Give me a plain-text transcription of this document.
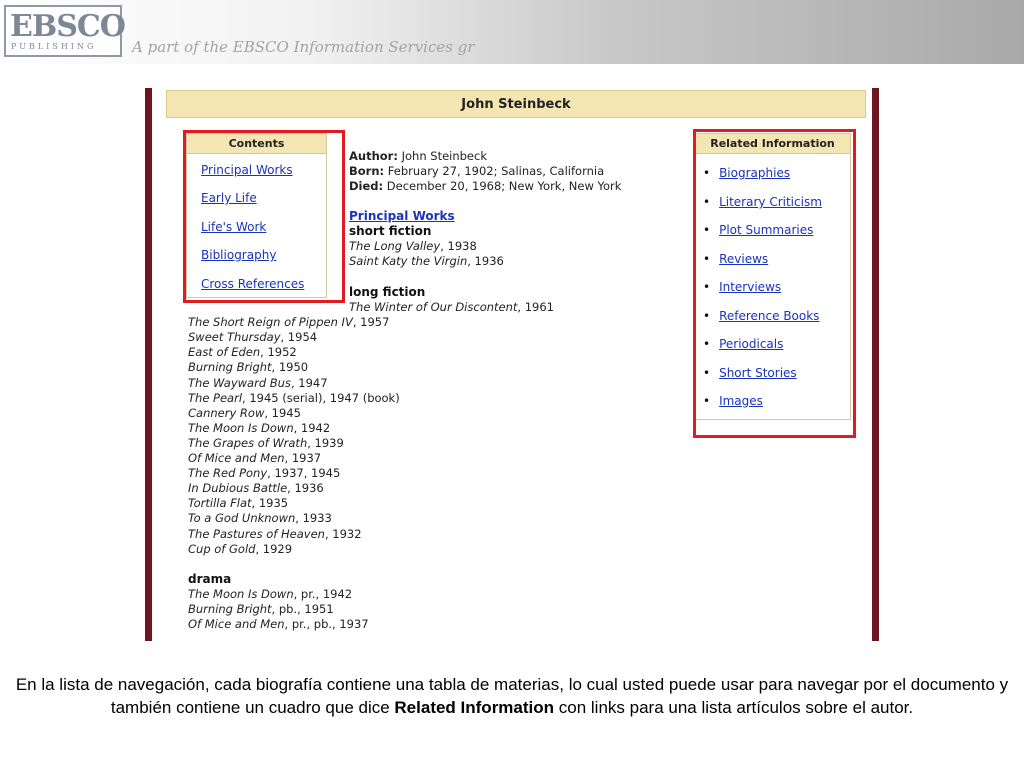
EBSCO
PUBLISHING A part of the EBSCO Information Services gr
John Steinbeck
Contents
Principal Works
Early Life
Life's Work
Bibliography
Cross References
Related Information
• Biographies
• Literary Criticism
• Plot Summaries
• Reviews
• Interviews
• Reference Books
• Periodicals
• Short Stories
• Images
Author: John Steinbeck
Born: February 27, 1902; Salinas, California
Died: December 20, 1968; New York, New York
Principal Works
short fiction
The Long Valley, 1938
Saint Katy the Virgin, 1936
long fiction
The Winter of Our Discontent, 1961
The Short Reign of Pippen IV, 1957
Sweet Thursday, 1954
East of Eden, 1952
Burning Bright, 1950
The Wayward Bus, 1947
The Pearl, 1945 (serial), 1947 (book)
Cannery Row, 1945
The Moon Is Down, 1942
The Grapes of Wrath, 1939
Of Mice and Men, 1937
The Red Pony, 1937, 1945
In Dubious Battle, 1936
Tortilla Flat, 1935
To a God Unknown, 1933
The Pastures of Heaven, 1932
Cup of Gold, 1929
drama
The Moon Is Down, pr., 1942
Burning Bright, pb., 1951
Of Mice and Men, pr., pb., 1937
En la lista de navegación, cada biografía contiene una tabla de materias, lo cual usted puede usar para navegar por el documento y también contiene un cuadro que dice Related Information con links para una lista artículos sobre el autor.
